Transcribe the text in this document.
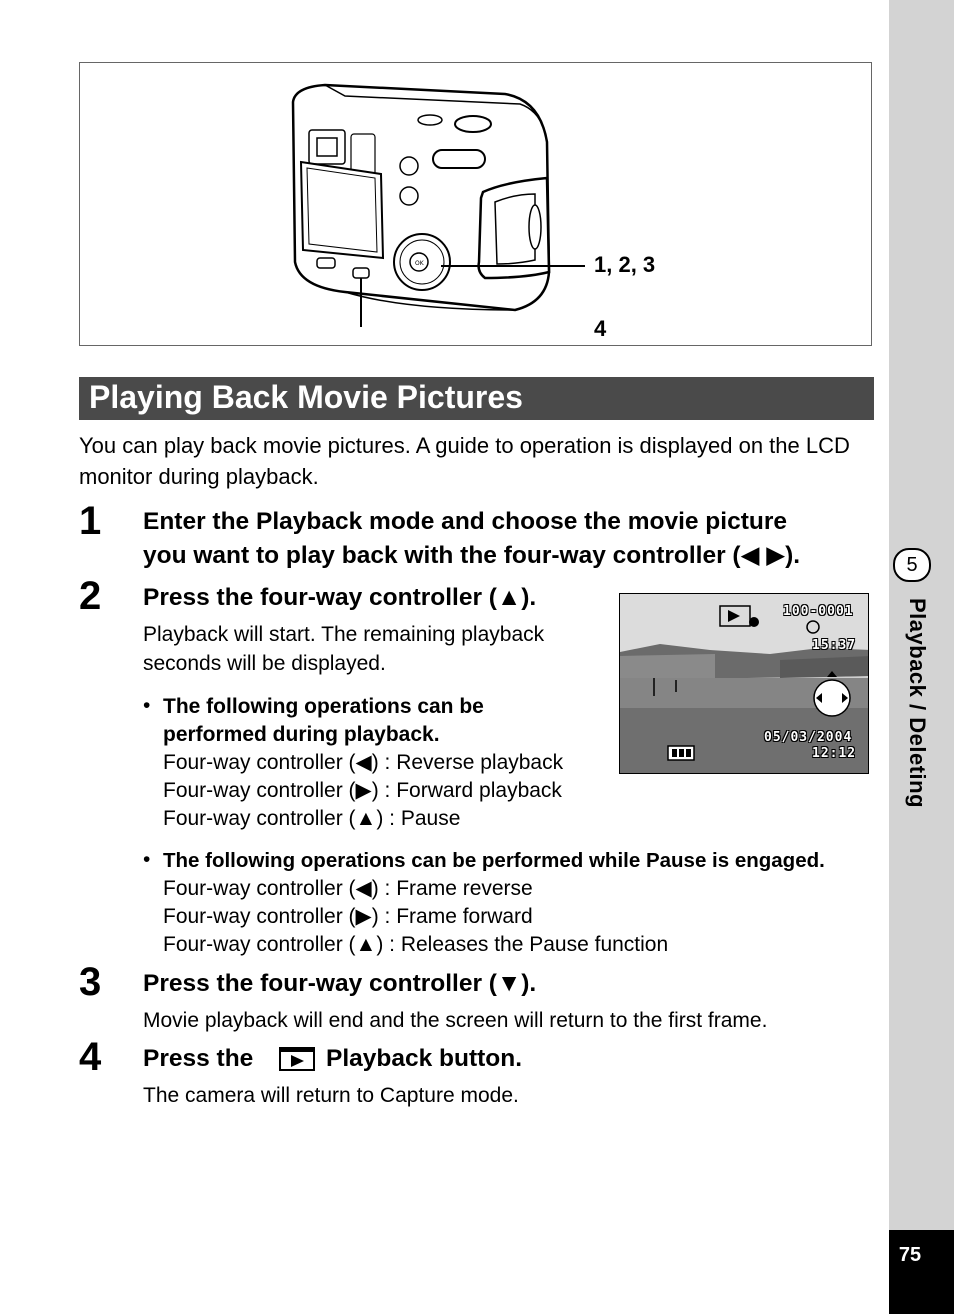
5
Playback / Deleting
75
OK	1, 2, 3
4
Playing Back Movie Pictures
You can play back movie pictures. A guide to operation is displayed on the LCD monitor during playback.
1 Enter the Playback mode and choose the movie picture
you want to play back with the four-way controller (◀ ▶).
2 Press the four-way controller (▲).
Playback will start. The remaining playback
seconds will be displayed.
• The following operations can be
performed during playback.
Four-way controller (◀) : Reverse playback
Four-way controller (▶) : Forward playback
Four-way controller (▲) : Pause
• The following operations can be performed while Pause is engaged.
Four-way controller (◀) : Frame reverse
Four-way controller (▶) : Frame forward
Four-way controller (▲) : Releases the Pause function
100-0001
15:37
05/03/2004
12:12
3 Press the four-way controller (▼).
Movie playback will end and the screen will return to the first frame.
4 Press the	Playback button.
The camera will return to Capture mode.
